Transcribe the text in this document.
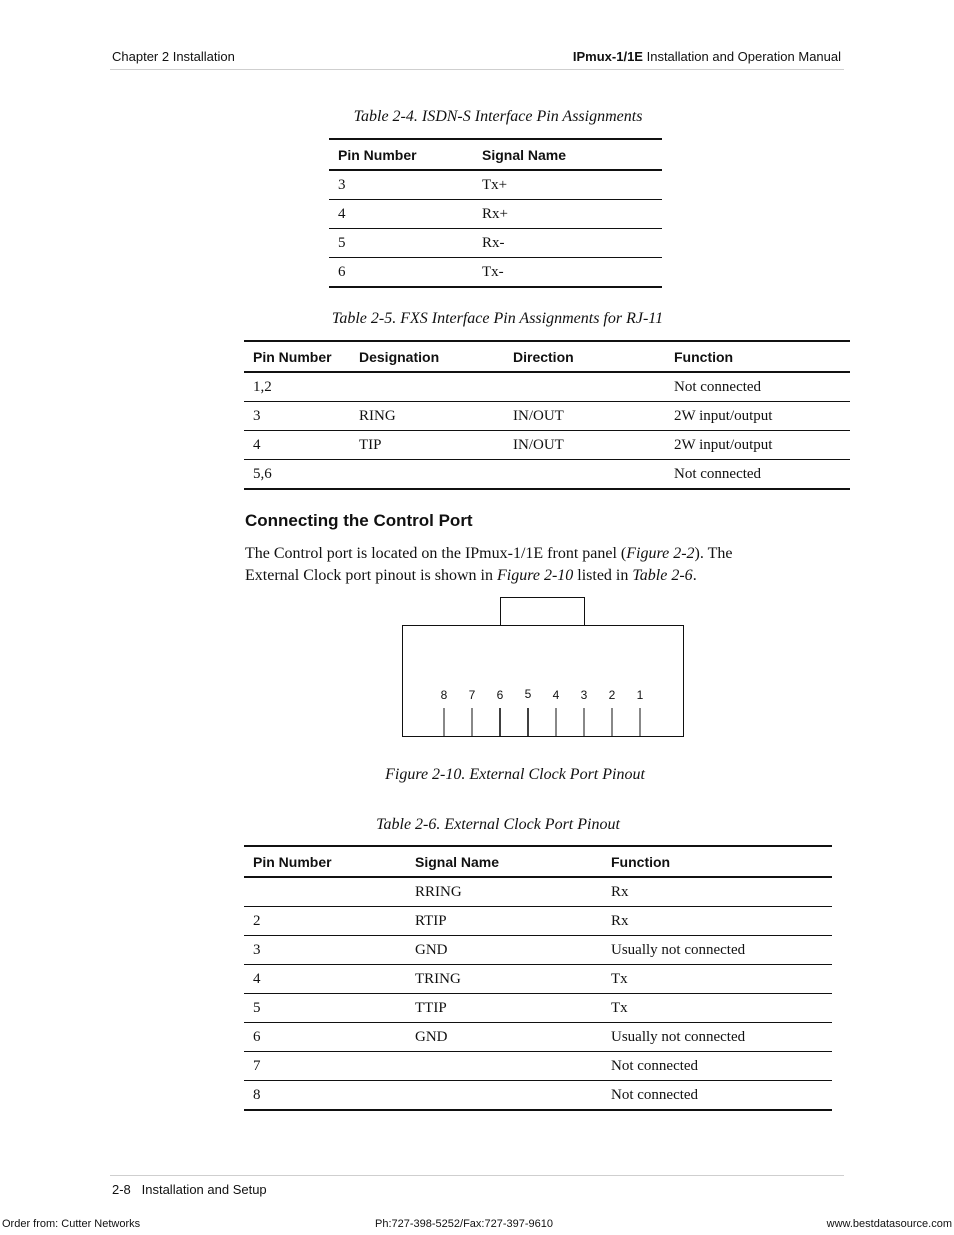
Chapter 2 Installation	IPmux-1/1E Installation and Operation Manual
Table 2-4. ISDN-S Interface Pin Assignments
Pin Number	Signal Name
3	Tx+
4	Rx+
5	Rx-
6	Tx-
Table 2-5. FXS Interface Pin Assignments for RJ-11
Pin Number	Designation	Direction	Function
1,2			Not connected
3	RING	IN/OUT	2W input/output
4	TIP	IN/OUT	2W input/output
5,6			Not connected
Connecting the Control Port
The Control port is located on the IPmux-1/1E front panel (Figure 2-2). The
External Clock port pinout is shown in Figure 2-10 listed in Table 2-6.
8 7 6 5 4 3 2 1
Figure 2-10. External Clock Port Pinout
Table 2-6. External Clock Port Pinout
Pin Number	Signal Name	Function
	RRING	Rx
2	RTIP	Rx
3	GND	Usually not connected
4	TRING	Tx
5	TTIP	Tx
6	GND	Usually not connected
7		Not connected
8		Not connected
2-8   Installation and Setup
Order from: Cutter Networks	Ph:727-398-5252/Fax:727-397-9610	www.bestdatasource.com
